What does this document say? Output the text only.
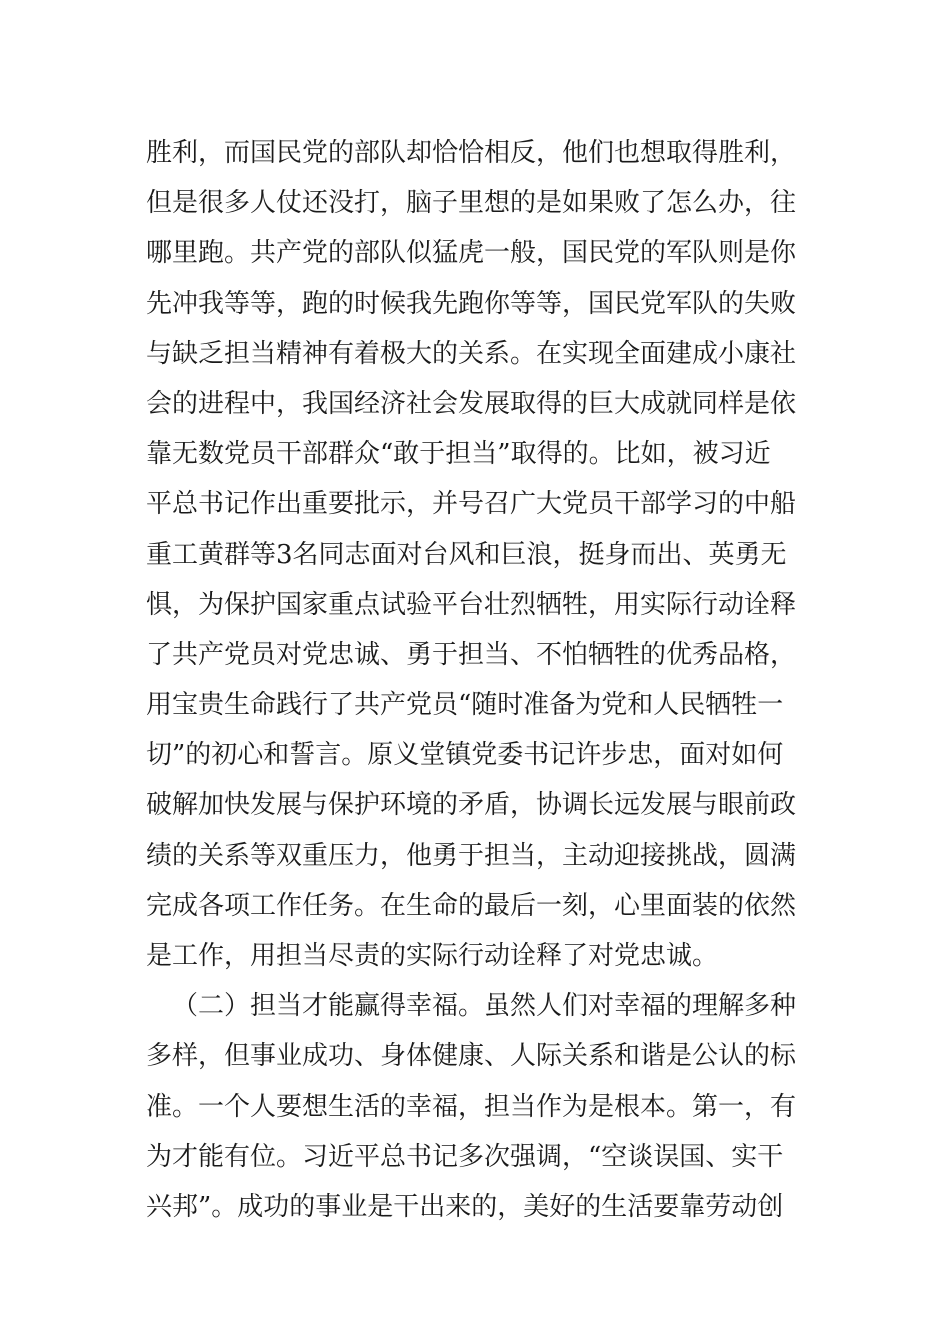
胜利，而国民党的部队却恰恰相反，他们也想取得胜利，
但是很多人仗还没打，脑子里想的是如果败了怎么办，往
哪里跑。共产党的部队似猛虎一般，国民党的军队则是你
先冲我等等，跑的时候我先跑你等等，国民党军队的失败
与缺乏担当精神有着极大的关系。在实现全面建成小康社
会的进程中，我国经济社会发展取得的巨大成就同样是依
靠无数党员干部群众“敢于担当”取得的。比如，被习近
平总书记作出重要批示，并号召广大党员干部学习的中船
重工黄群等3名同志面对台风和巨浪，挺身而出、英勇无
惧，为保护国家重点试验平台壮烈牺牲，用实际行动诠释
了共产党员对党忠诚、勇于担当、不怕牺牲的优秀品格，
用宝贵生命践行了共产党员“随时准备为党和人民牺牲一
切”的初心和誓言。原义堂镇党委书记许步忠，面对如何
破解加快发展与保护环境的矛盾，协调长远发展与眼前政
绩的关系等双重压力，他勇于担当，主动迎接挑战，圆满
完成各项工作任务。在生命的最后一刻，心里面装的依然
是工作，用担当尽责的实际行动诠释了对党忠诚。
（二）担当才能赢得幸福。虽然人们对幸福的理解多种
多样，但事业成功、身体健康、人际关系和谐是公认的标
准。一个人要想生活的幸福，担当作为是根本。第一，有
为才能有位。习近平总书记多次强调，“空谈误国、实干
兴邦”。成功的事业是干出来的，美好的生活要靠劳动创
